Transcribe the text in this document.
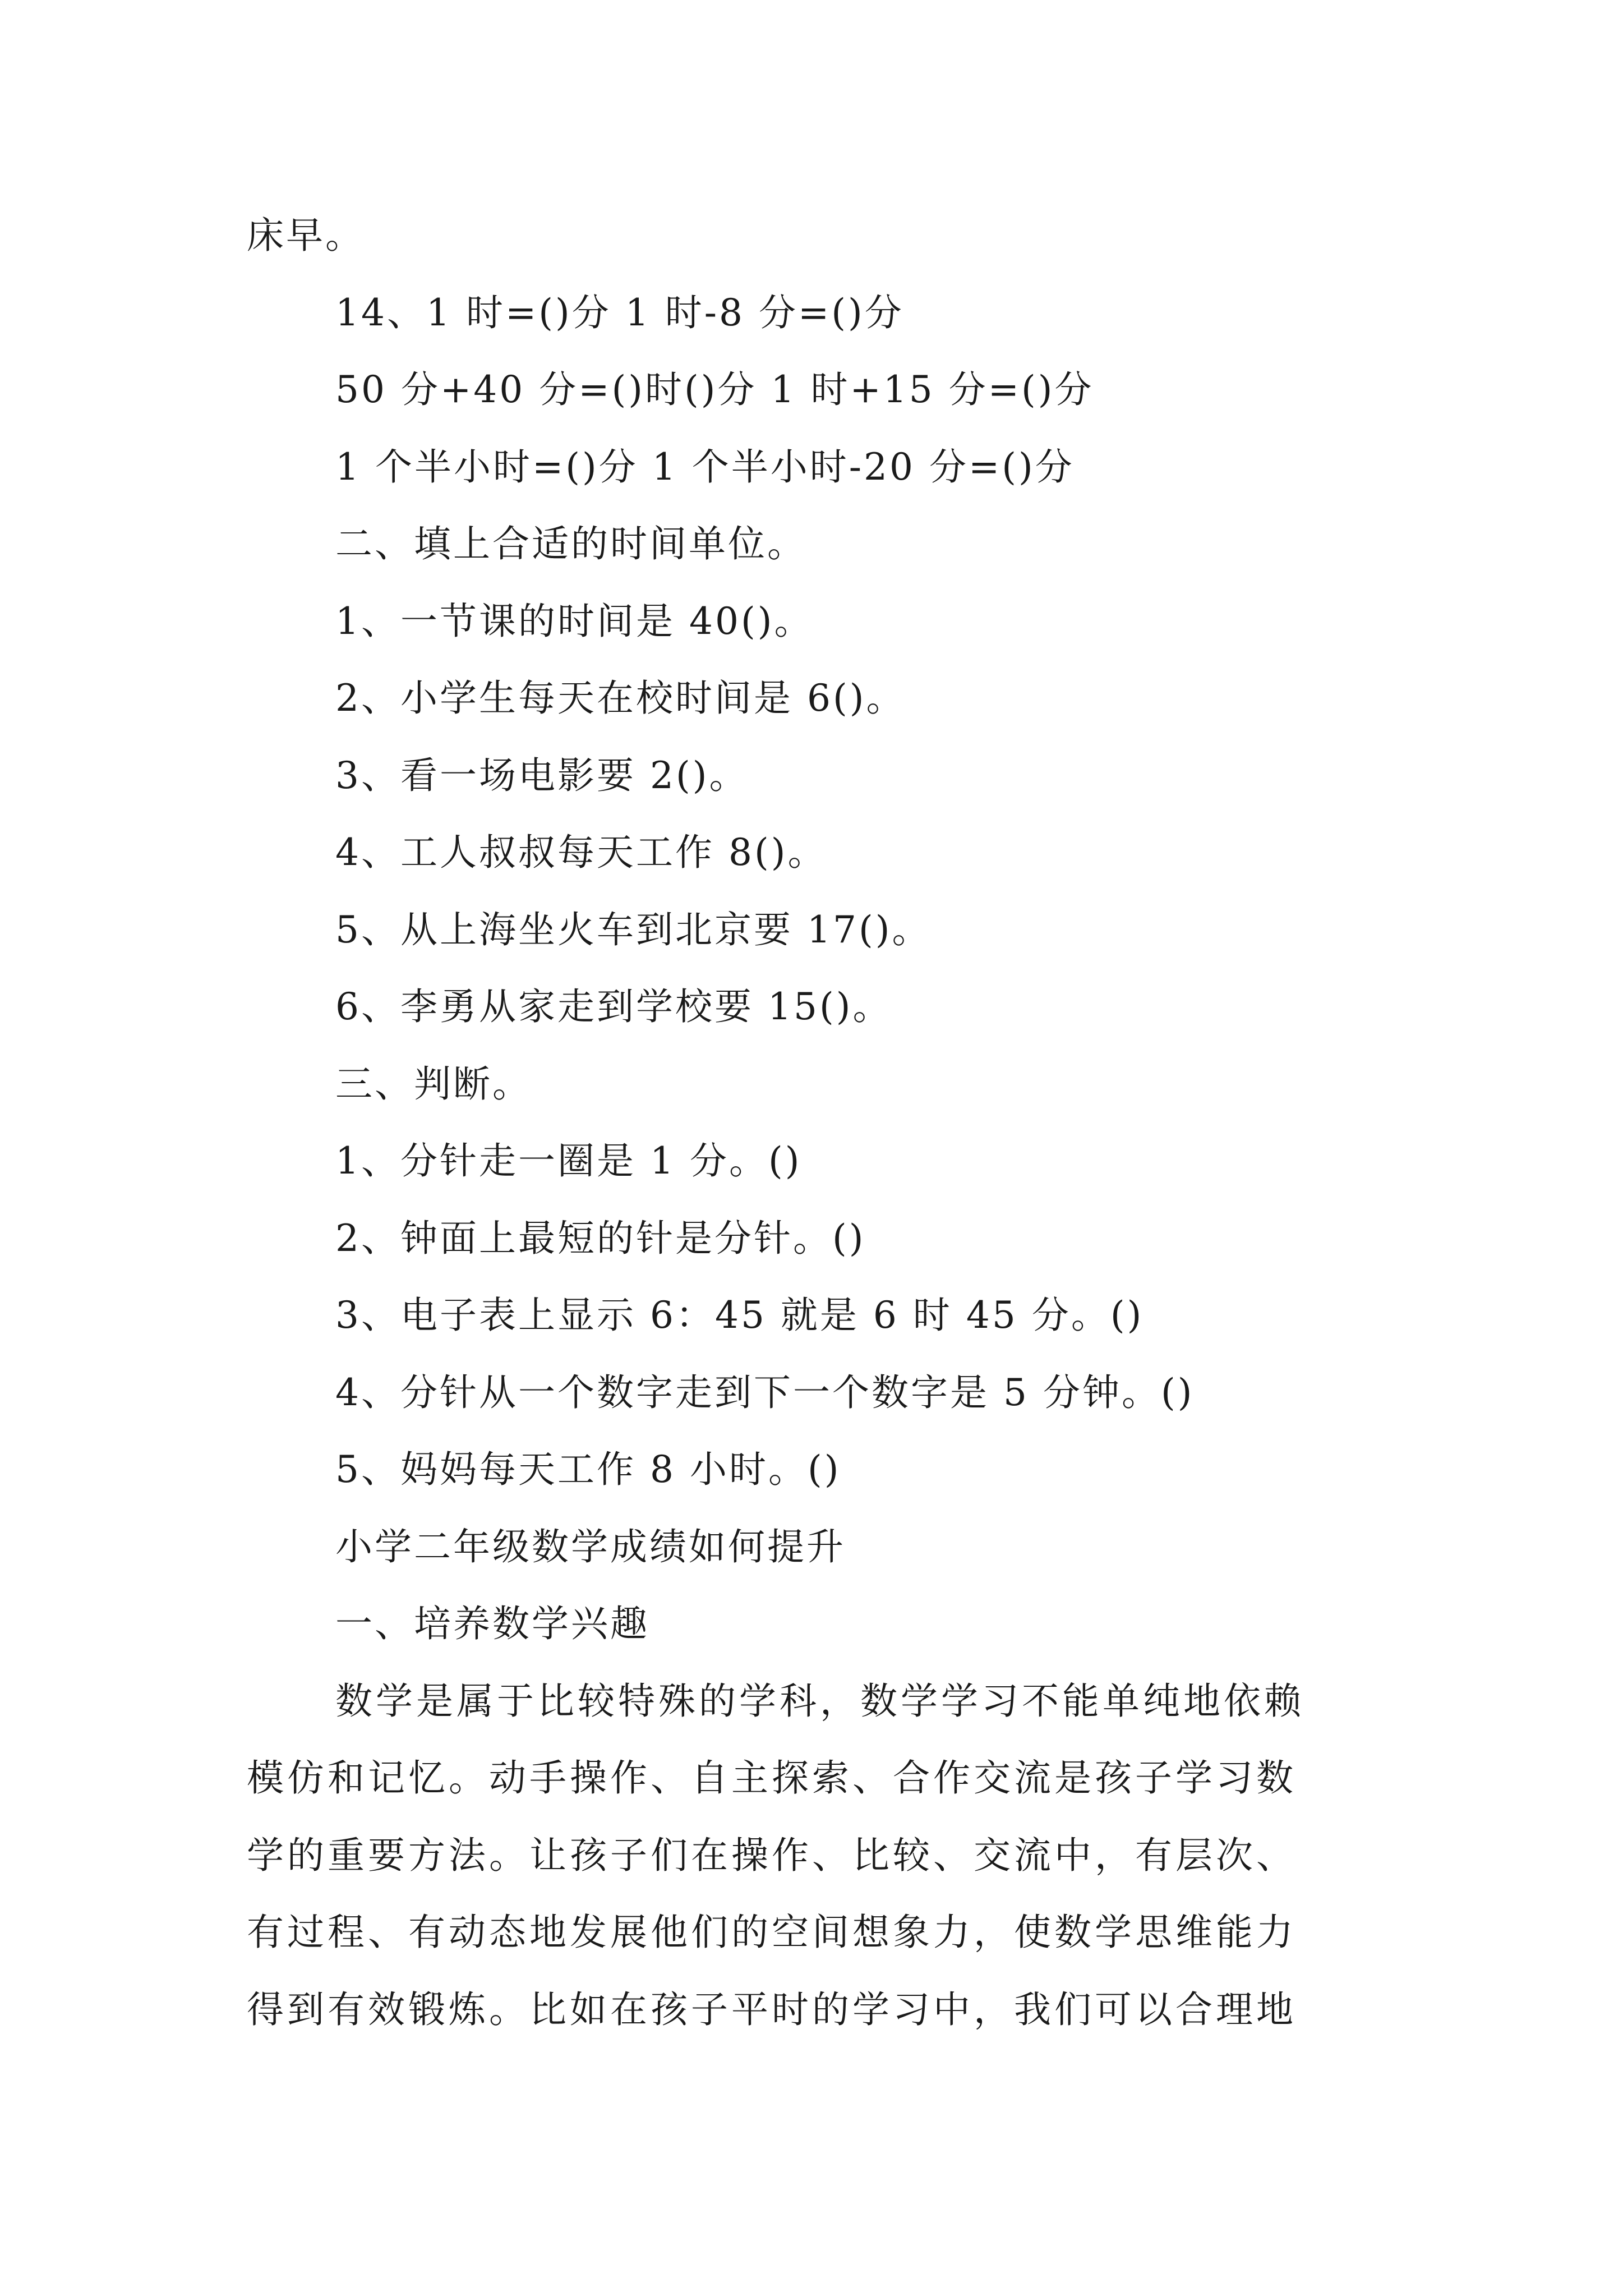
床早。
14、1 时=()分 1 时-8 分=()分
50 分+40 分=()时()分 1 时+15 分=()分
1 个半小时=()分 1 个半小时-20 分=()分
二、填上合适的时间单位。
1、一节课的时间是 40()。
2、小学生每天在校时间是 6()。
3、看一场电影要 2()。
4、工人叔叔每天工作 8()。
5、从上海坐火车到北京要 17()。
6、李勇从家走到学校要 15()。
三、判断。
1、分针走一圈是 1 分。()
2、钟面上最短的针是分针。()
3、电子表上显示 6：45 就是 6 时 45 分。()
4、分针从一个数字走到下一个数字是 5 分钟。()
5、妈妈每天工作 8 小时。()
小学二年级数学成绩如何提升
一、培养数学兴趣
数学是属于比较特殊的学科，数学学习不能单纯地依赖
模仿和记忆。动手操作、自主探索、合作交流是孩子学习数
学的重要方法。让孩子们在操作、比较、交流中，有层次、
有过程、有动态地发展他们的空间想象力，使数学思维能力
得到有效锻炼。比如在孩子平时的学习中，我们可以合理地
